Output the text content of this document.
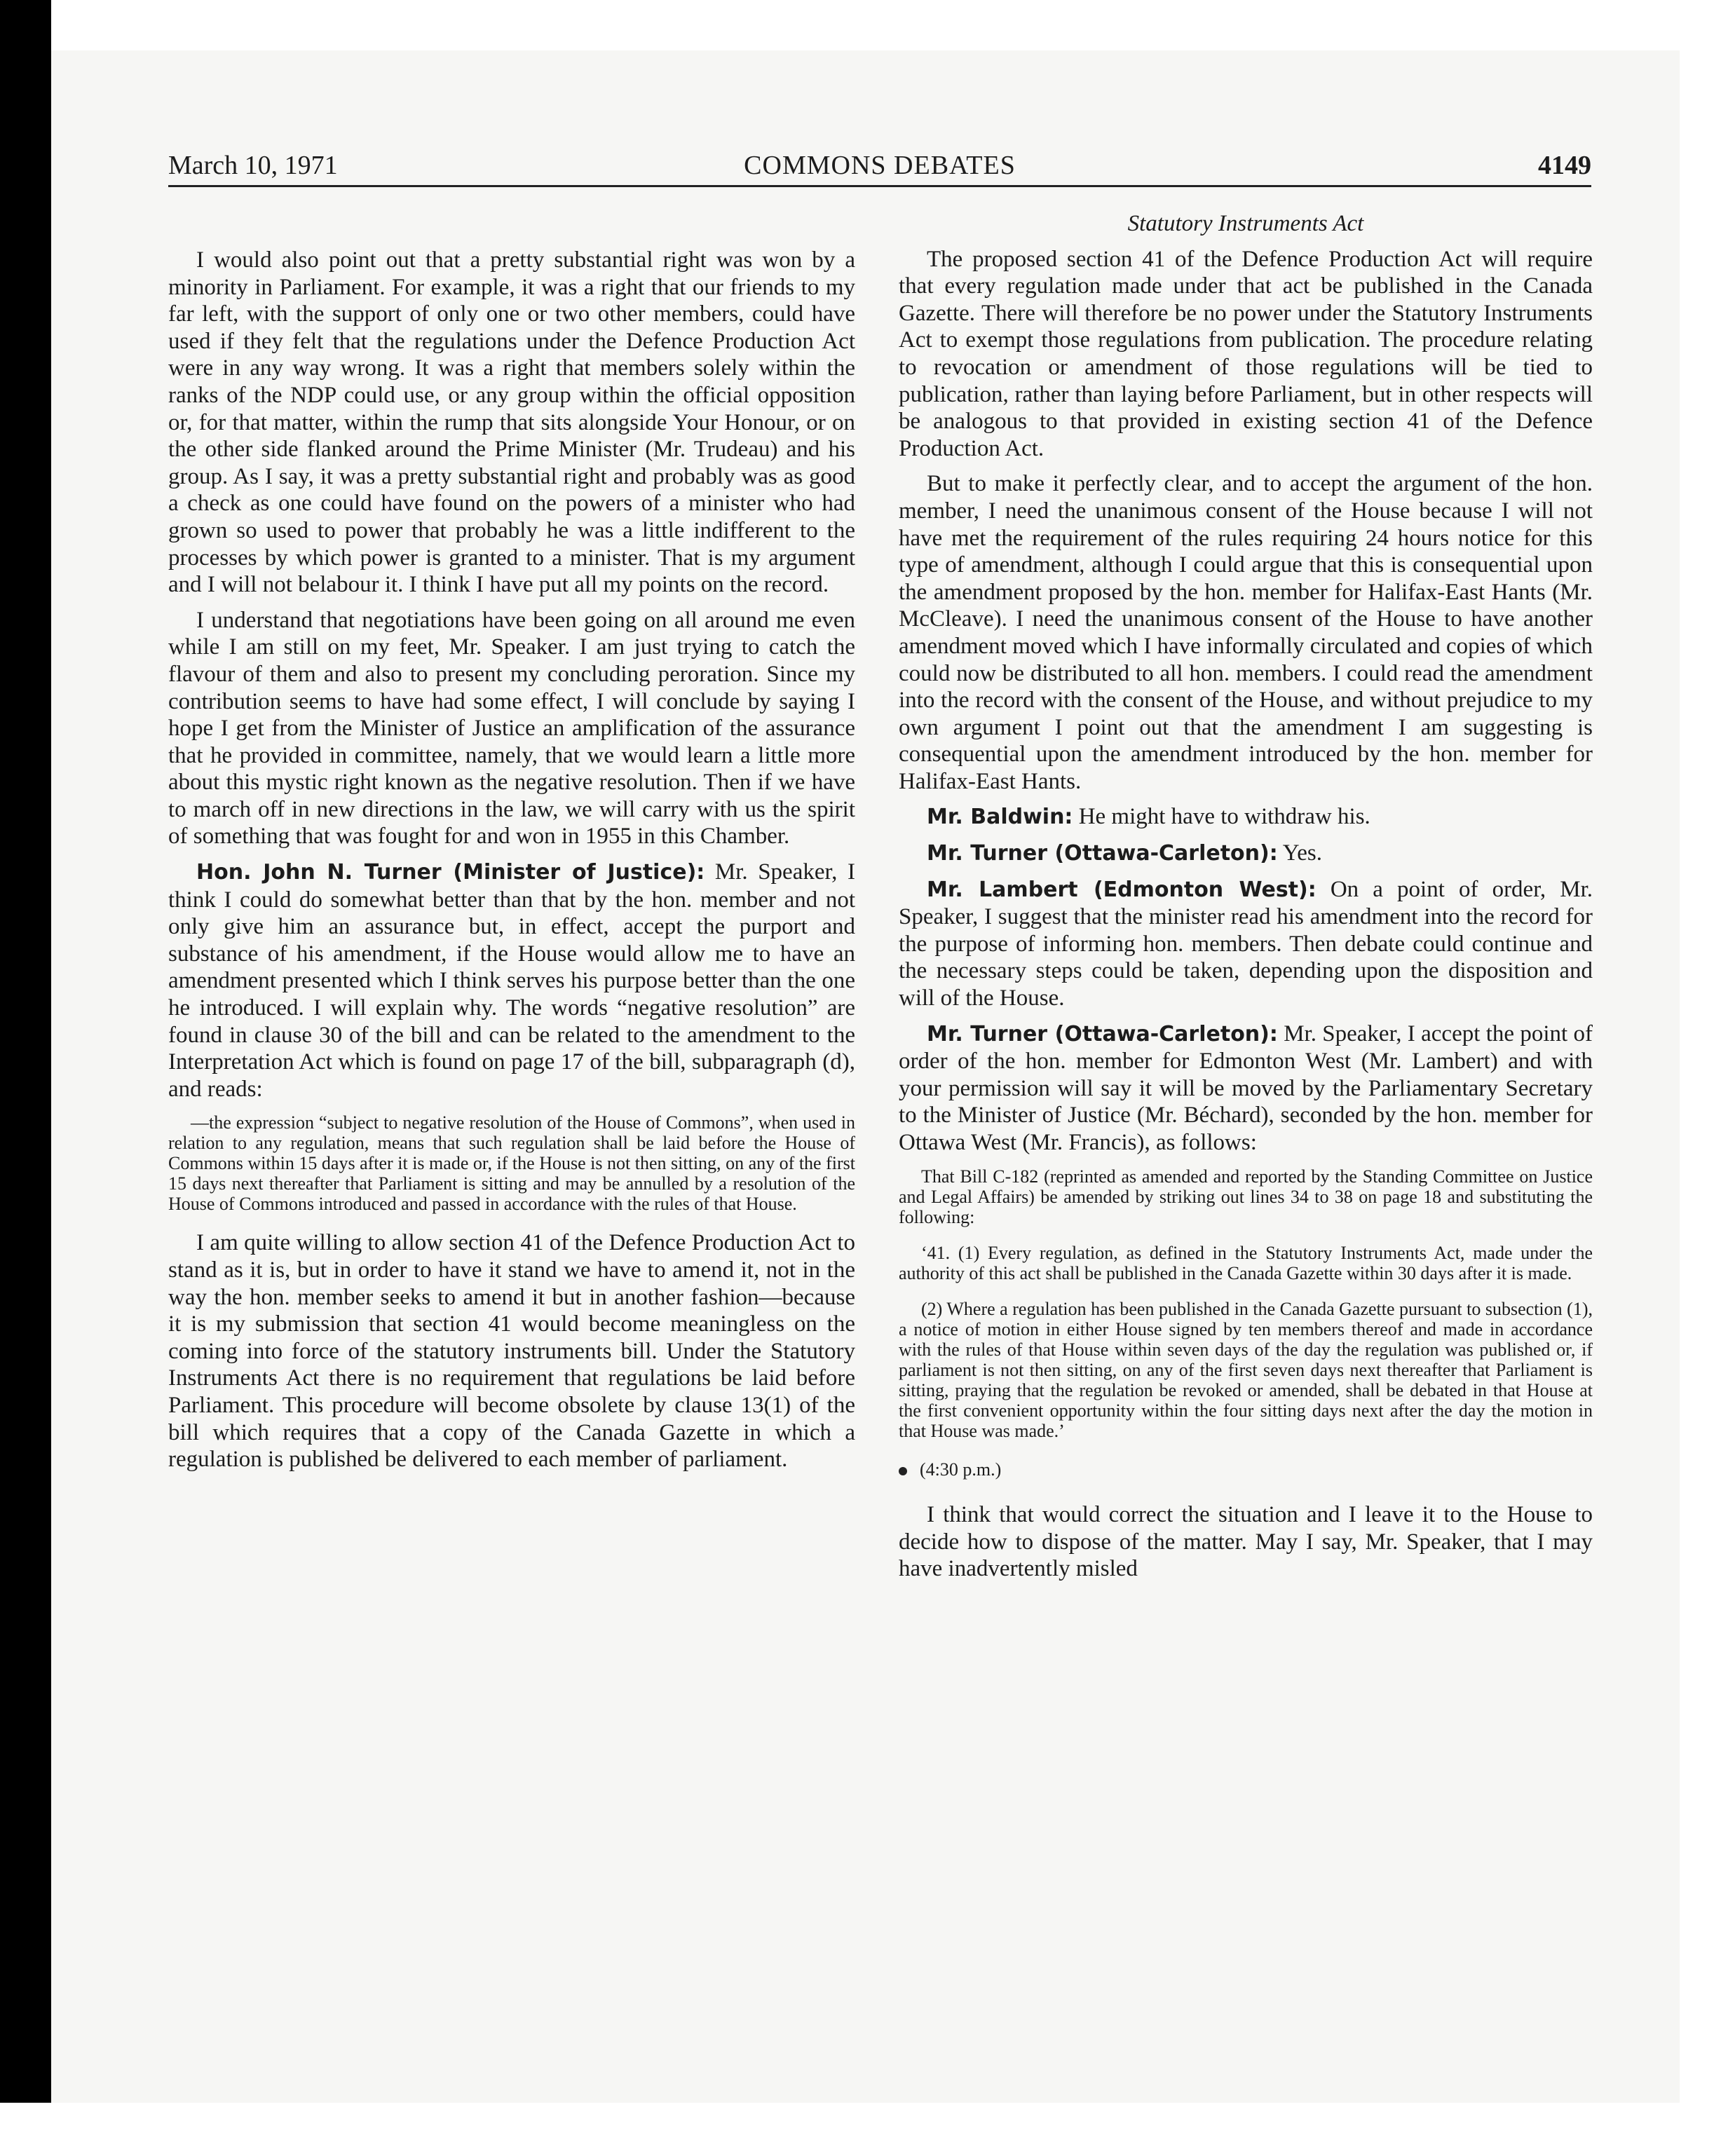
COMMONS DEBATES
March 10, 1971	4149

I would also point out that a pretty substantial right was won by a minority in Parliament. For example, it was a right that our friends to my far left, with the support of only one or two other members, could have used if they felt that the regulations under the Defence Production Act were in any way wrong. It was a right that members solely within the ranks of the NDP could use, or any group within the official opposition or, for that matter, within the rump that sits alongside Your Honour, or on the other side flanked around the Prime Minister (Mr. Trudeau) and his group. As I say, it was a pretty substantial right and probably was as good a check as one could have found on the powers of a minister who had grown so used to power that probably he was a little indifferent to the processes by which power is granted to a minister. That is my argument and I will not belabour it. I think I have put all my points on the record.

I understand that negotiations have been going on all around me even while I am still on my feet, Mr. Speaker. I am just trying to catch the flavour of them and also to present my concluding peroration. Since my contribution seems to have had some effect, I will conclude by saying I hope I get from the Minister of Justice an amplification of the assurance that he provided in committee, namely, that we would learn a little more about this mystic right known as the negative resolution. Then if we have to march off in new directions in the law, we will carry with us the spirit of something that was fought for and won in 1955 in this Chamber.

Hon. John N. Turner (Minister of Justice): Mr. Speaker, I think I could do somewhat better than that by the hon. member and not only give him an assurance but, in effect, accept the purport and substance of his amendment, if the House would allow me to have an amendment presented which I think serves his purpose better than the one he introduced. I will explain why. The words “negative resolution” are found in clause 30 of the bill and can be related to the amendment to the Interpretation Act which is found on page 17 of the bill, subparagraph (d), and reads:

—the expression “subject to negative resolution of the House of Commons”, when used in relation to any regulation, means that such regulation shall be laid before the House of Commons within 15 days after it is made or, if the House is not then sitting, on any of the first 15 days next thereafter that Parliament is sitting and may be annulled by a resolution of the House of Commons introduced and passed in accordance with the rules of that House.

I am quite willing to allow section 41 of the Defence Production Act to stand as it is, but in order to have it stand we have to amend it, not in the way the hon. member seeks to amend it but in another fashion—because it is my submission that section 41 would become meaningless on the coming into force of the statutory instruments bill. Under the Statutory Instruments Act there is no requirement that regulations be laid before Parliament. This procedure will become obsolete by clause 13(1) of the bill which requires that a copy of the Canada Gazette in which a regulation is published be delivered to each member of parliament.

Statutory Instruments Act

The proposed section 41 of the Defence Production Act will require that every regulation made under that act be published in the Canada Gazette. There will therefore be no power under the Statutory Instruments Act to exempt those regulations from publication. The procedure relating to revocation or amendment of those regulations will be tied to publication, rather than laying before Parliament, but in other respects will be analogous to that provided in existing section 41 of the Defence Production Act.

But to make it perfectly clear, and to accept the argument of the hon. member, I need the unanimous consent of the House because I will not have met the requirement of the rules requiring 24 hours notice for this type of amendment, although I could argue that this is consequential upon the amendment proposed by the hon. member for Halifax-East Hants (Mr. McCleave). I need the unanimous consent of the House to have another amendment moved which I have informally circulated and copies of which could now be distributed to all hon. members. I could read the amendment into the record with the consent of the House, and without prejudice to my own argument I point out that the amendment I am suggesting is consequential upon the amendment introduced by the hon. member for Halifax-East Hants.

Mr. Baldwin: He might have to withdraw his.

Mr. Turner (Ottawa-Carleton): Yes.

Mr. Lambert (Edmonton West): On a point of order, Mr. Speaker, I suggest that the minister read his amendment into the record for the purpose of informing hon. members. Then debate could continue and the necessary steps could be taken, depending upon the disposition and will of the House.

Mr. Turner (Ottawa-Carleton): Mr. Speaker, I accept the point of order of the hon. member for Edmonton West (Mr. Lambert) and with your permission will say it will be moved by the Parliamentary Secretary to the Minister of Justice (Mr. Béchard), seconded by the hon. member for Ottawa West (Mr. Francis), as follows:

That Bill C-182 (reprinted as amended and reported by the Standing Committee on Justice and Legal Affairs) be amended by striking out lines 34 to 38 on page 18 and substituting the following:

‘41. (1) Every regulation, as defined in the Statutory Instruments Act, made under the authority of this act shall be published in the Canada Gazette within 30 days after it is made.

(2) Where a regulation has been published in the Canada Gazette pursuant to subsection (1), a notice of motion in either House signed by ten members thereof and made in accordance with the rules of that House within seven days of the day the regulation was published or, if parliament is not then sitting, on any of the first seven days next thereafter that Parliament is sitting, praying that the regulation be revoked or amended, shall be debated in that House at the first convenient opportunity within the four sitting days next after the day the motion in that House was made.’

(4:30 p.m.)

I think that would correct the situation and I leave it to the House to decide how to dispose of the matter. May I say, Mr. Speaker, that I may have inadvertently misled
